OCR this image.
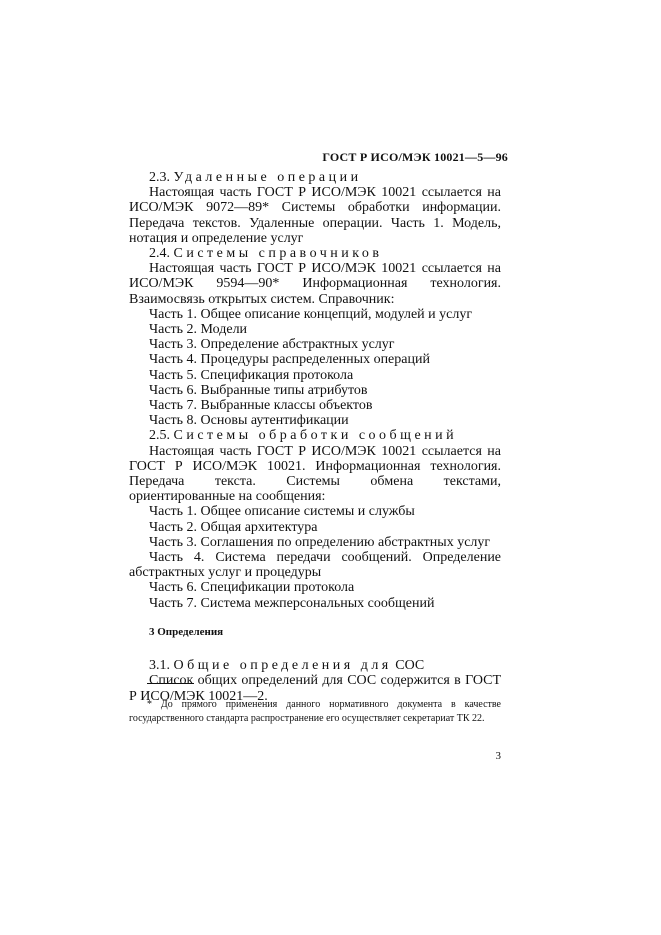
ГОСТ Р ИСО/МЭК 10021—5—96

2.3. Удаленные операции

Настоящая часть ГОСТ Р ИСО/МЭК 10021 ссылается на ИСО/МЭК 9072—89* Системы обработки информации. Передача текстов. Удаленные операции. Часть 1. Модель, нотация и определение услуг

2.4. Системы справочников

Настоящая часть ГОСТ Р ИСО/МЭК 10021 ссылается на ИСО/МЭК 9594—90* Информационная технология. Взаимосвязь открытых систем. Справочник:

Часть 1. Общее описание концепций, модулей и услуг

Часть 2. Модели

Часть 3. Определение абстрактных услуг

Часть 4. Процедуры распределенных операций

Часть 5. Спецификация протокола

Часть 6. Выбранные типы атрибутов

Часть 7. Выбранные классы объектов

Часть 8. Основы аутентификации

2.5. Системы обработки сообщений

Настоящая часть ГОСТ Р ИСО/МЭК 10021 ссылается на ГОСТ Р ИСО/МЭК 10021. Информационная технология. Передача текста. Системы обмена текстами, ориентированные на сообщения:

Часть 1. Общее описание системы и службы

Часть 2. Общая архитектура

Часть 3. Соглашения по определению абстрактных услуг

Часть 4. Система передачи сообщений. Определение абстрактных услуг и процедуры

Часть 6. Спецификации протокола

Часть 7. Система межперсональных сообщений

3 Определения

3.1. Общие определения для СОС

Список общих определений для СОС содержится в ГОСТ Р ИСО/МЭК 10021—2.

* До прямого применения данного нормативного документа в качестве государственного стандарта распространение его осуществляет секретариат ТК 22.

3
